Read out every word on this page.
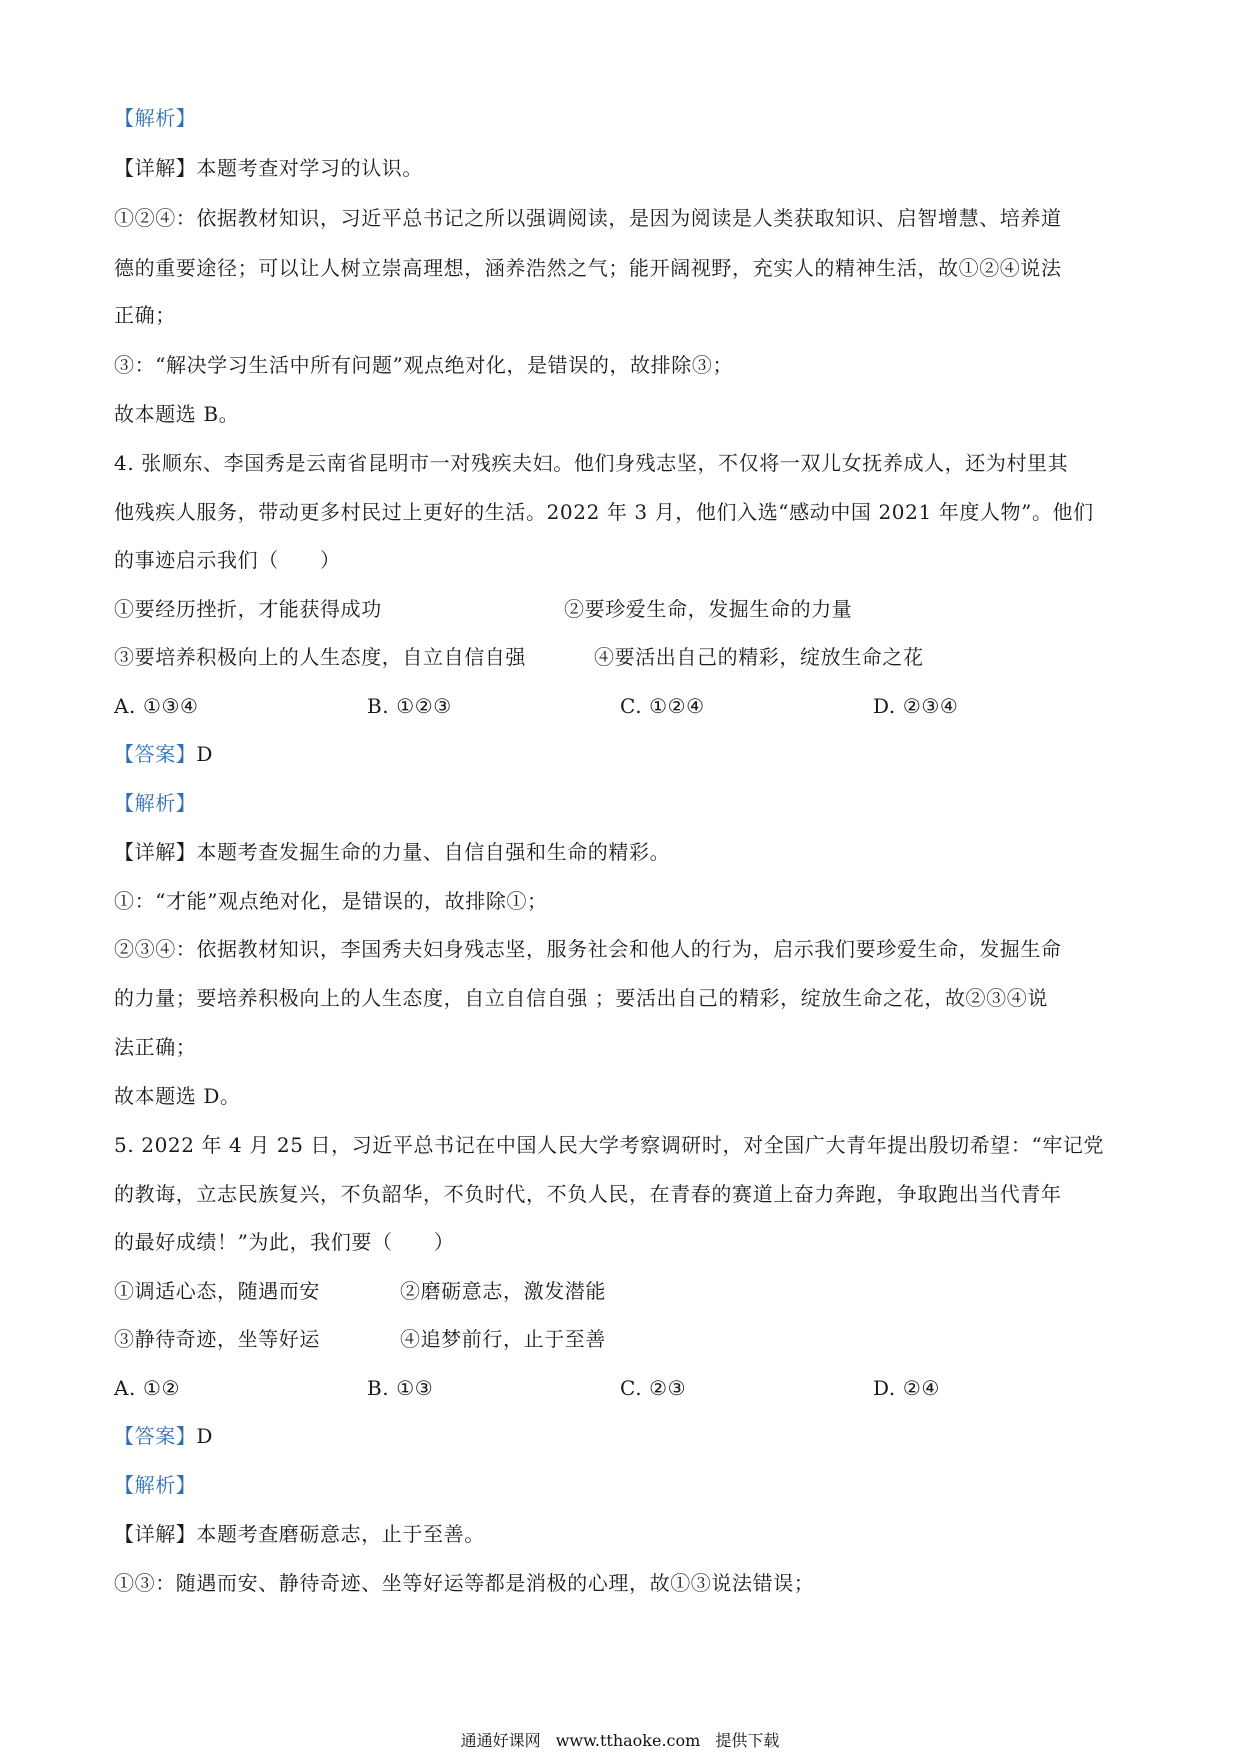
【解析】
【详解】本题考查对学习的认识。
①②④：依据教材知识，习近平总书记之所以强调阅读，是因为阅读是人类获取知识、启智增慧、培养道
德的重要途径；可以让人树立崇高理想，涵养浩然之气；能开阔视野，充实人的精神生活，故①②④说法
正确；
③：“解决学习生活中所有问题”观点绝对化，是错误的，故排除③；
故本题选 B。
4. 张顺东、李国秀是云南省昆明市一对残疾夫妇。他们身残志坚，不仅将一双儿女抚养成人，还为村里其
他残疾人服务，带动更多村民过上更好的生活。2022 年 3 月，他们入选“感动中国 2021 年度人物”。他们
的事迹启示我们（　　）
①要经历挫折，才能获得成功	②要珍爱生命，发掘生命的力量
③要培养积极向上的人生态度，自立自信自强	④要活出自己的精彩，绽放生命之花
A. ①③④	B. ①②③	C. ①②④	D. ②③④
【答案】D
【解析】
【详解】本题考查发掘生命的力量、自信自强和生命的精彩。
①：“才能”观点绝对化，是错误的，故排除①；
②③④：依据教材知识，李国秀夫妇身残志坚，服务社会和他人的行为，启示我们要珍爱生命，发掘生命
的力量；要培养积极向上的人生态度，自立自信自强 ；要活出自己的精彩，绽放生命之花，故②③④说
法正确；
故本题选 D。
5. 2022 年 4 月 25 日，习近平总书记在中国人民大学考察调研时，对全国广大青年提出殷切希望：“牢记党
的教诲，立志民族复兴，不负韶华，不负时代，不负人民，在青春的赛道上奋力奔跑，争取跑出当代青年
的最好成绩！”为此，我们要（　　）
①调适心态，随遇而安	②磨砺意志，激发潜能
③静待奇迹，坐等好运	④追梦前行，止于至善
A. ①②	B. ①③	C. ②③	D. ②④
【答案】D
【解析】
【详解】本题考查磨砺意志，止于至善。
①③：随遇而安、静待奇迹、坐等好运等都是消极的心理，故①③说法错误；
通通好课网 www.tthaoke.com 提供下载
